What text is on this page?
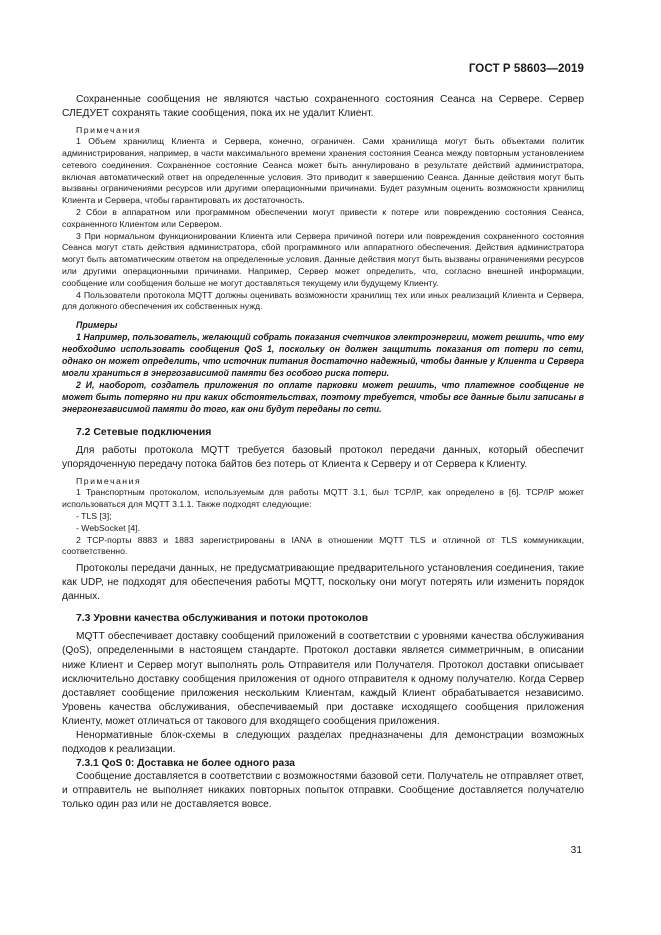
ГОСТ Р 58603—2019

Сохраненные сообщения не являются частью сохраненного состояния Сеанса на Сервере. Сервер СЛЕДУЕТ сохранять такие сообщения, пока их не удалит Клиент.

Примечания

1 Объем хранилищ Клиента и Сервера, конечно, ограничен. Сами хранилища могут быть объектами политик администрирования, например, в части максимального времени хранения состояния Сеанса между повторным установлением сетевого соединения. Сохраненное состояние Сеанса может быть аннулировано в результате действий администратора, включая автоматический ответ на определенные условия. Это приводит к завершению Сеанса. Данные действия могут быть вызваны ограничениями ресурсов или другими операционными причинами. Будет разумным оценить возможности хранилищ Клиента и Сервера, чтобы гарантировать их достаточность.

2 Сбои в аппаратном или программном обеспечении могут привести к потере или повреждению состояния Сеанса, сохраненного Клиентом или Сервером.

3 При нормальном функционировании Клиента или Сервера причиной потери или повреждения сохраненного состояния Сеанса могут стать действия администратора, сбой программного или аппаратного обеспечения. Действия администратора могут быть автоматическим ответом на определенные условия. Данные действия могут быть вызваны ограничениями ресурсов или другими операционными причинами. Например, Сервер может определить, что, согласно внешней информации, сообщение или сообщения больше не могут доставляться текущему или будущему Клиенту.

4 Пользователи протокола MQTT должны оценивать возможности хранилищ тех или иных реализаций Клиента и Сервера, для должного обеспечения их собственных нужд.

Примеры

1 Например, пользователь, желающий собрать показания счетчиков электроэнергии, может решить, что ему необходимо использовать сообщения QoS 1, поскольку он должен защитить показания от потери по сети, однако он может определить, что источник питания достаточно надежный, чтобы данные у Клиента и Сервера могли храниться в энергозависимой памяти без особого риска потери.

2 И, наоборот, создатель приложения по оплате парковки может решить, что платежное сообщение не может быть потеряно ни при каких обстоятельствах, поэтому требуется, чтобы все данные были записаны в энергонезависимой памяти до того, как они будут переданы по сети.

7.2 Сетевые подключения

Для работы протокола MQTT требуется базовый протокол передачи данных, который обеспечит упорядоченную передачу потока байтов без потерь от Клиента к Серверу и от Сервера к Клиенту.

Примечания

1 Транспортным протоколом, используемым для работы MQTT 3.1, был TCP/IP, как определено в [6]. TCP/IP может использоваться для MQTT 3.1.1. Также подходят следующие:

- TLS [3];

- WebSocket [4].

2 TCP-порты 8883 и 1883 зарегистрированы в IANA в отношении MQTT TLS и отличной от TLS коммуникации, соответственно.

Протоколы передачи данных, не предусматривающие предварительного установления соединения, такие как UDP, не подходят для обеспечения работы MQTT, поскольку они могут потерять или изменить порядок данных.

7.3 Уровни качества обслуживания и потоки протоколов

MQTT обеспечивает доставку сообщений приложений в соответствии с уровнями качества обслуживания (QoS), определенными в настоящем стандарте. Протокол доставки является симметричным, в описании ниже Клиент и Сервер могут выполнять роль Отправителя или Получателя. Протокол доставки описывает исключительно доставку сообщения приложения от одного отправителя к одному получателю. Когда Сервер доставляет сообщение приложения нескольким Клиентам, каждый Клиент обрабатывается независимо. Уровень качества обслуживания, обеспечиваемый при доставке исходящего сообщения приложения Клиенту, может отличаться от такового для входящего сообщения приложения.

Ненормативные блок-схемы в следующих разделах предназначены для демонстрации возможных подходов к реализации.

7.3.1 QoS 0: Доставка не более одного раза

Сообщение доставляется в соответствии с возможностями базовой сети. Получатель не отправляет ответ, и отправитель не выполняет никаких повторных попыток отправки. Сообщение доставляется получателю только один раз или не доставляется вовсе.

31
